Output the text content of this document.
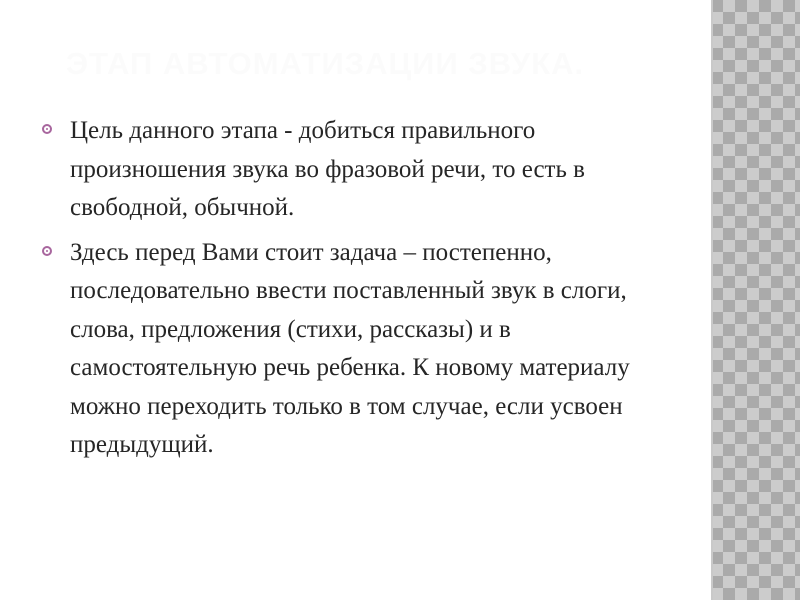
ЭТАП АВТОМАТИЗАЦИИ ЗВУКА.
Цель данного этапа - добиться правильного произношения звука во фразовой речи, то есть в свободной, обычной.
Здесь перед Вами стоит задача – постепенно, последовательно ввести поставленный звук в слоги, слова, предложения (стихи, рассказы) и в самостоятельную речь ребенка. К новому материалу можно переходить только в том случае, если усвоен предыдущий.
